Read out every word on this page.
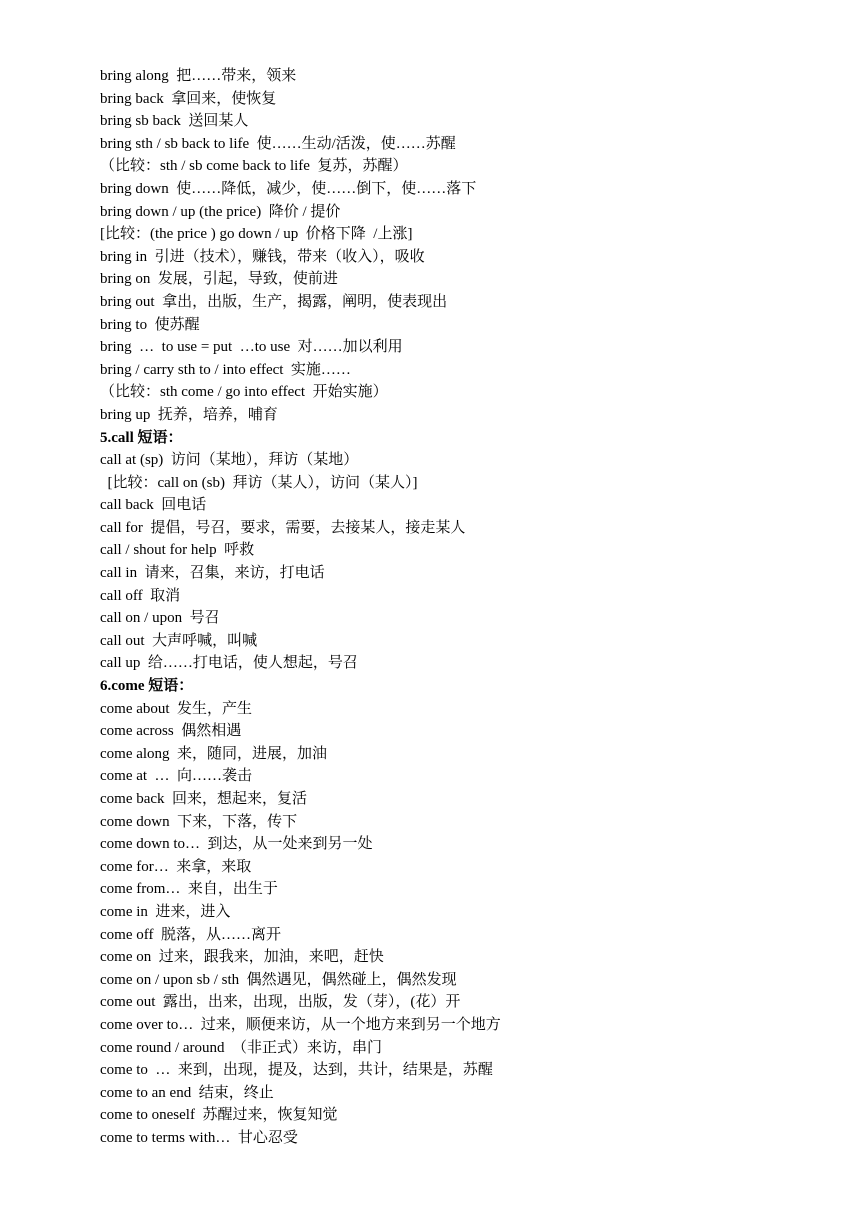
bring along  把……带来，领来
bring back  拿回来，使恢复
bring sb back  送回某人
bring sth / sb back to life  使……生动/活泼，使……苏醒
（比较：sth / sb come back to life  复苏，苏醒）
bring down  使……降低，减少，使……倒下，使……落下
bring down / up (the price)  降价 / 提价
[比较：(the price ) go down / up  价格下降  /上涨]
bring in  引进（技术），赚钱，带来（收入），吸收
bring on  发展，引起，导致，使前进
bring out  拿出，出版，生产，揭露，阐明，使表现出
bring to  使苏醒
bring  …  to use = put  …to use  对……加以利用
bring / carry sth to / into effect  实施……
（比较：sth come / go into effect  开始实施）
bring up  抚养，培养，哺育
5.call 短语：
call at (sp)  访问（某地），拜访（某地）
[比较：call on (sb)  拜访（某人），访问（某人）]
call back  回电话
call for  提倡，号召，要求，需要，去接某人，接走某人
call / shout for help  呼救
call in  请来，召集，来访，打电话
call off  取消
call on / upon  号召
call out  大声呼喊，叫喊
call up  给……打电话，使人想起，号召
6.come 短语：
come about  发生，产生
come across  偶然相遇
come along  来，随同，进展，加油
come at  …  向……袭击
come back  回来，想起来，复活
come down  下来，下落，传下
come down to…  到达，从一处来到另一处
come for…  来拿，来取
come from…  来自，出生于
come in  进来，进入
come off  脱落，从……离开
come on  过来，跟我来，加油，来吧，赶快
come on / upon sb / sth  偶然遇见，偶然碰上，偶然发现
come out  露出，出来，出现，出版，发（芽），(花）开
come over to…  过来，顺便来访，从一个地方来到另一个地方
come round / around  （非正式）来访，串门
come to  …  来到，出现，提及，达到，共计，结果是，苏醒
come to an end  结束，终止
come to oneself  苏醒过来，恢复知觉
come to terms with…  甘心忍受
